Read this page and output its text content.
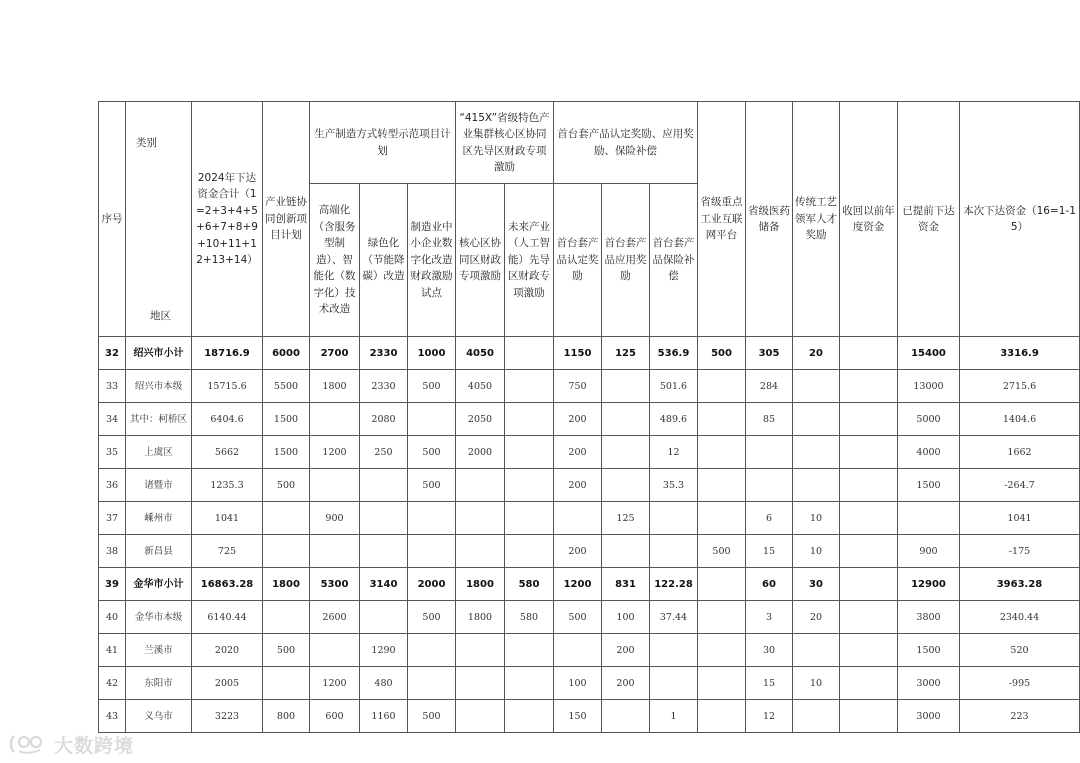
序号	类别
地区	2024年下达资金合计（1=2+3+4+5+6+7+8+9+10+11+12+13+14）	产业链协同创新项目计划	生产制造方式转型示范项目计划			“415X”省级特色产业集群核心区协同区先导区财政专项激励		首台套产品认定奖励、应用奖励、保险补偿			省级重点工业互联网平台	省级医药储备	传统工艺领军人才奖励	收回以前年度资金	已提前下达资金	本次下达资金（16=1-15）
				高端化（含服务型制造）、智能化（数字化）技术改造	绿色化（节能降碳）改造	制造业中小企业数字化改造财政激励试点	核心区协同区财政专项激励	未来产业（人工智能）先导区财政专项激励	首台套产品认定奖励	首台套产品应用奖励	首台套产品保险补偿						
32	绍兴市小计	18716.9	6000	2700	2330	1000	4050		1150	125	536.9	500	305	20		15400	3316.9
33	绍兴市本级	15715.6	5500	1800	2330	500	4050		750		501.6		284			13000	2715.6
34	其中：柯桥区	6404.6	1500		2080		2050		200		489.6		85			5000	1404.6
35	上虞区	5662	1500	1200	250	500	2000		200		12					4000	1662
36	诸暨市	1235.3	500			500			200		35.3					1500	-264.7
37	嵊州市	1041		900						125			6	10			1041
38	新昌县	725							200			500	15	10		900	-175
39	金华市小计	16863.28	1800	5300	3140	2000	1800	580	1200	831	122.28		60	30		12900	3963.28
40	金华市本级	6140.44		2600		500	1800	580	500	100	37.44		3	20		3800	2340.44
41	兰溪市	2020	500		1290					200			30			1500	520
42	东阳市	2005		1200	480				100	200			15	10		3000	-995
43	义乌市	3223	800	600	1160	500			150		1		12			3000	223
大数跨境
